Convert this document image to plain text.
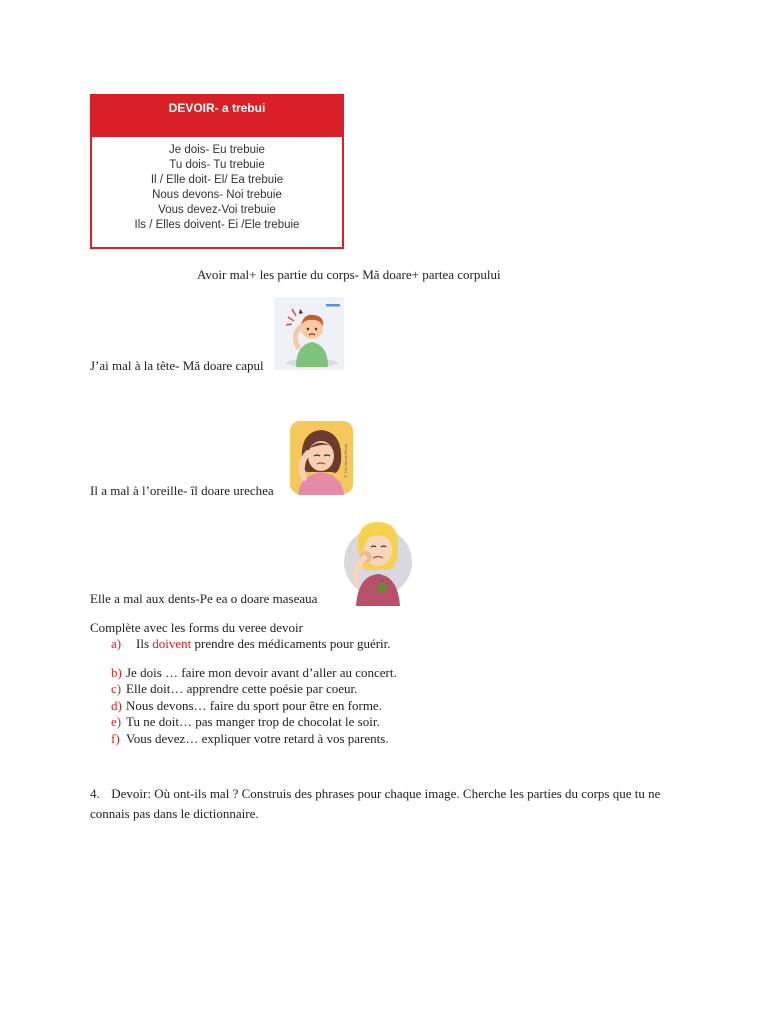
DEVOIR- a trebui
Je dois- Eu trebuie
Tu dois- Tu trebuie
Il / Elle doit- El/ Ea trebuie
Nous devons- Noi trebuie
Vous devez-Voi trebuie
Ils / Elles doivent- Ei /Ele trebuie
Avoir mal+ les partie du corps- Mă doare+ partea corpului
J’ai mal à la tête- Mă doare capul
Il a mal à l’oreille- îl doare urechea
© Can Stock Photo
Elle a mal aux dents-Pe ea o doare maseaua
Complète avec les forms du veree devoir
a) Ils doivent prendre des médicaments pour guérir.
b) Je dois … faire mon devoir avant d’aller au concert.
c) Elle doit… apprendre cette poésie par coeur.
d) Nous devons… faire du sport pour être en forme.
e) Tu ne doit… pas manger trop de chocolat le soir.
f) Vous devez… expliquer votre retard à vos parents.
4. Devoir: Où ont-ils mal ? Construis des phrases pour chaque image. Cherche les parties du corps que tu ne connais pas dans le dictionnaire.
